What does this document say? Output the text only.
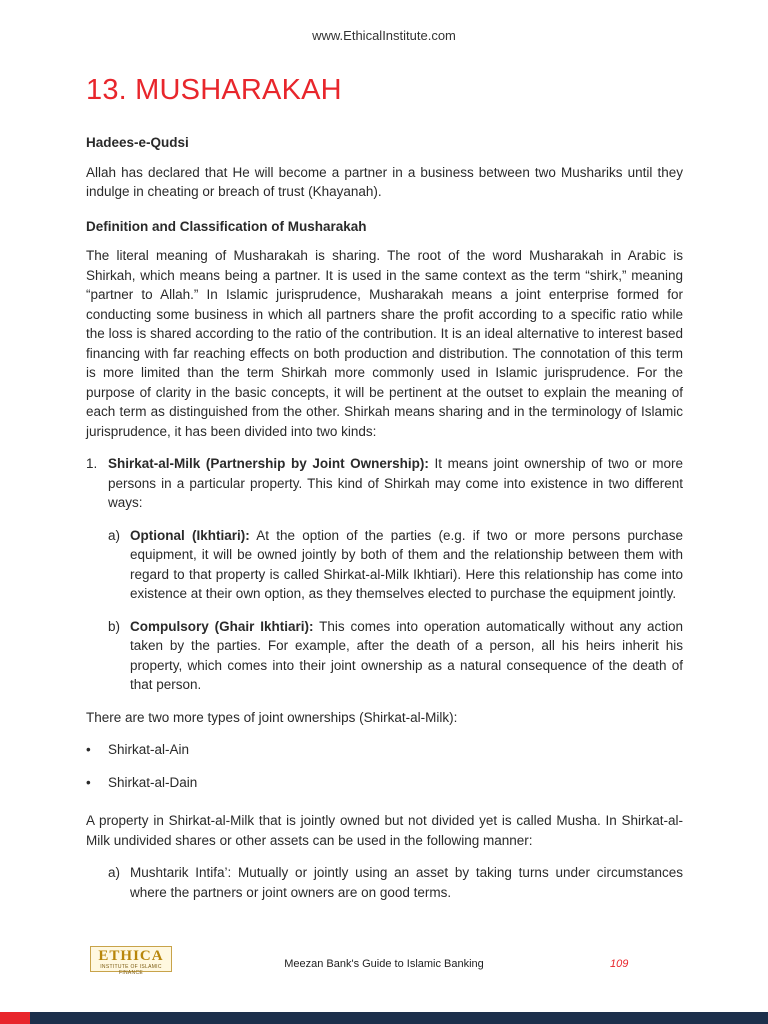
www.EthicalInstitute.com
13. MUSHARAKAH

Hadees-e-Qudsi

Allah has declared that He will become a partner in a business between two Mushariks until they indulge in cheating or breach of trust (Khayanah).

Definition and Classification of Musharakah

The literal meaning of Musharakah is sharing. The root of the word Musharakah in Arabic is Shirkah, which means being a partner. It is used in the same context as the term “shirk,” meaning “partner to Allah.” In Islamic jurisprudence, Musharakah means a joint enterprise formed for conducting some business in which all partners share the profit according to a specific ratio while the loss is shared according to the ratio of the contribution. It is an ideal alternative to interest based financing with far reaching effects on both production and distribution. The connotation of this term is more limited than the term Shirkah more commonly used in Islamic jurisprudence. For the purpose of clarity in the basic concepts, it will be pertinent at the outset to explain the meaning of each term as distinguished from the other. Shirkah means sharing and in the terminology of Islamic jurisprudence, it has been divided into two kinds:

1. Shirkat-al-Milk (Partnership by Joint Ownership): It means joint ownership of two or more persons in a particular property. This kind of Shirkah may come into existence in two different ways:
a) Optional (Ikhtiari): At the option of the parties (e.g. if two or more persons purchase equipment, it will be owned jointly by both of them and the relationship between them with regard to that property is called Shirkat-al-Milk Ikhtiari). Here this relationship has come into existence at their own option, as they themselves elected to purchase the equipment jointly.
b) Compulsory (Ghair Ikhtiari): This comes into operation automatically without any action taken by the parties. For example, after the death of a person, all his heirs inherit his property, which comes into their joint ownership as a natural consequence of the death of that person.

There are two more types of joint ownerships (Shirkat-al-Milk):

•	Shirkat-al-Ain
•	Shirkat-al-Dain

A property in Shirkat-al-Milk that is jointly owned but not divided yet is called Musha. In Shirkat-al-Milk undivided shares or other assets can be used in the following manner:

a) Mushtarik Intifa’: Mutually or jointly using an asset by taking turns under circumstances where the partners or joint owners are on good terms.
ETHICA
INSTITUTE OF ISLAMIC FINANCE
Meezan Bank's Guide to Islamic Banking	109
